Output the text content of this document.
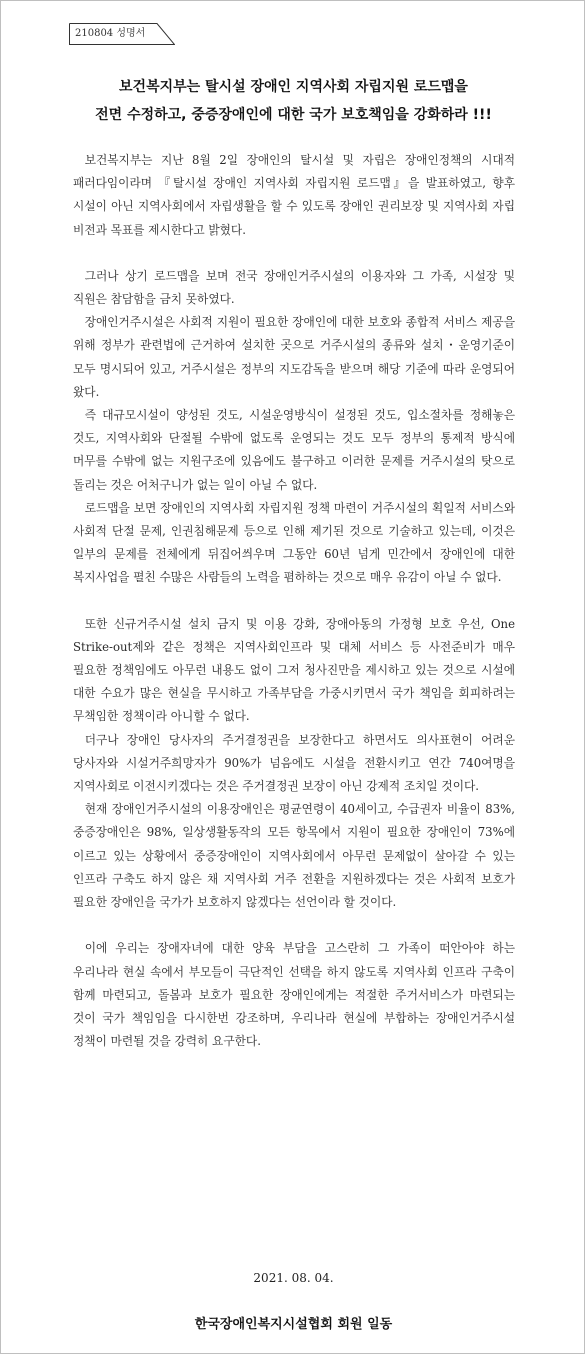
210804 성명서
보건복지부는 탈시설 장애인 지역사회 자립지원 로드맵을
전면 수정하고, 중증장애인에 대한 국가 보호책임을 강화하라 !!!

보건복지부는 지난 8월 2일 장애인의 탈시설 및 자립은 장애인정책의 시대적 패러다임이라며 『탈시설 장애인 지역사회 자립지원 로드맵』을 발표하였고, 향후 시설이 아닌 지역사회에서 자립생활을 할 수 있도록 장애인 권리보장 및 지역사회 자립 비전과 목표를 제시한다고 밝혔다.

그러나 상기 로드맵을 보며 전국 장애인거주시설의 이용자와 그 가족, 시설장 및 직원은 참담함을 금치 못하였다.

장애인거주시설은 사회적 지원이 필요한 장애인에 대한 보호와 종합적 서비스 제공을 위해 정부가 관련법에 근거하여 설치한 곳으로 거주시설의 종류와 설치・운영기준이 모두 명시되어 있고, 거주시설은 정부의 지도감독을 받으며 해당 기준에 따라 운영되어 왔다.

즉 대규모시설이 양성된 것도, 시설운영방식이 설정된 것도, 입소절차를 정해놓은 것도, 지역사회와 단절될 수밖에 없도록 운영되는 것도 모두 정부의 통제적 방식에 머무를 수밖에 없는 지원구조에 있음에도 불구하고 이러한 문제를 거주시설의 탓으로 돌리는 것은 어처구니가 없는 일이 아닐 수 없다.

로드맵을 보면 장애인의 지역사회 자립지원 정책 마련이 거주시설의 획일적 서비스와 사회적 단절 문제, 인권침해문제 등으로 인해 제기된 것으로 기술하고 있는데, 이것은 일부의 문제를 전체에게 뒤집어씌우며 그동안 60년 넘게 민간에서 장애인에 대한 복지사업을 펼친 수많은 사람들의 노력을 폄하하는 것으로 매우 유감이 아닐 수 없다.

또한 신규거주시설 설치 금지 및 이용 강화, 장애아동의 가정형 보호 우선, One Strike-out제와 같은 정책은 지역사회인프라 및 대체 서비스 등 사전준비가 매우 필요한 정책임에도 아무런 내용도 없이 그저 청사진만을 제시하고 있는 것으로 시설에 대한 수요가 많은 현실을 무시하고 가족부담을 가중시키면서 국가 책임을 회피하려는 무책임한 정책이라 아니할 수 없다.

더구나 장애인 당사자의 주거결정권을 보장한다고 하면서도 의사표현이 어려운 당사자와 시설거주희망자가 90%가 넘음에도 시설을 전환시키고 연간 740여명을 지역사회로 이전시키겠다는 것은 주거결정권 보장이 아닌 강제적 조치일 것이다.

현재 장애인거주시설의 이용장애인은 평균연령이 40세이고, 수급권자 비율이 83%, 중증장애인은 98%, 일상생활동작의 모든 항목에서 지원이 필요한 장애인이 73%에 이르고 있는 상황에서 중증장애인이 지역사회에서 아무런 문제없이 살아갈 수 있는 인프라 구축도 하지 않은 채 지역사회 거주 전환을 지원하겠다는 것은 사회적 보호가 필요한 장애인을 국가가 보호하지 않겠다는 선언이라 할 것이다.

이에 우리는 장애자녀에 대한 양육 부담을 고스란히 그 가족이 떠안아야 하는 우리나라 현실 속에서 부모들이 극단적인 선택을 하지 않도록 지역사회 인프라 구축이 함께 마련되고, 돌봄과 보호가 필요한 장애인에게는 적절한 주거서비스가 마련되는 것이 국가 책임임을 다시한번 강조하며, 우리나라 현실에 부합하는 장애인거주시설 정책이 마련될 것을 강력히 요구한다.

2021. 08. 04.
한국장애인복지시설협회 회원 일동
